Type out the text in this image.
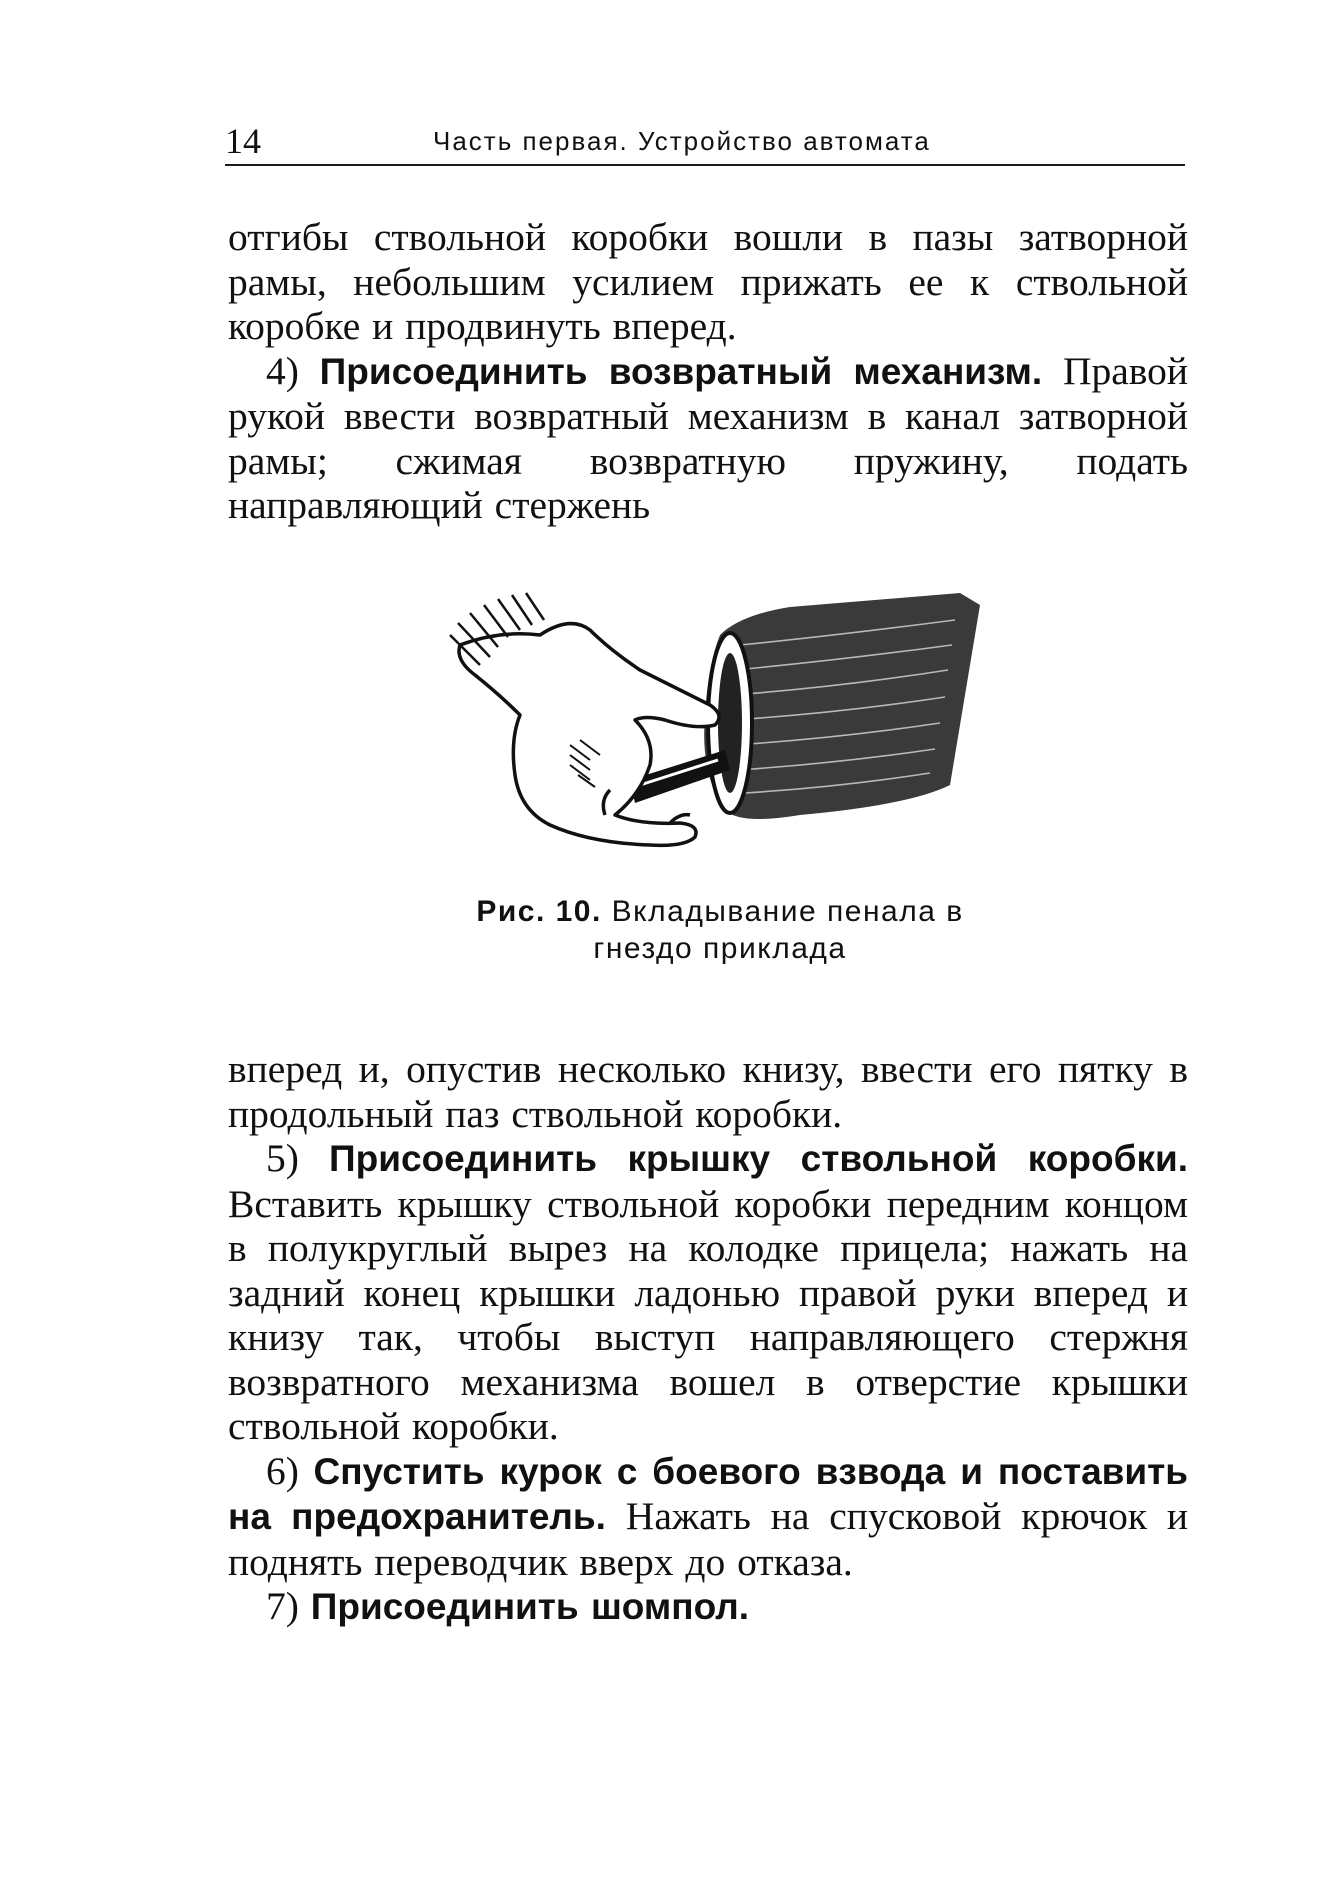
14	Часть первая. Устройство автомата

отгибы ствольной коробки вошли в пазы затворной рамы, небольшим усилием прижать ее к ствольной коробке и продвинуть вперед.

4) Присоединить возвратный механизм. Правой рукой ввести возвратный механизм в канал затворной рамы; сжимая возвратную пружину, подать направляющий стержень

Рис. 10. Вкладывание пенала в гнездо приклада

вперед и, опустив несколько книзу, ввести его пятку в продольный паз ствольной коробки.

5) Присоединить крышку ствольной коробки. Вставить крышку ствольной коробки передним концом в полукруглый вырез на колодке прицела; нажать на задний конец крышки ладонью правой руки вперед и книзу так, чтобы выступ направляющего стержня возвратного механизма вошел в отверстие крышки ствольной коробки.

6) Спустить курок с боевого взвода и поставить на предохранитель. Нажать на спусковой крючок и поднять переводчик вверх до отказа.

7) Присоединить шомпол.
